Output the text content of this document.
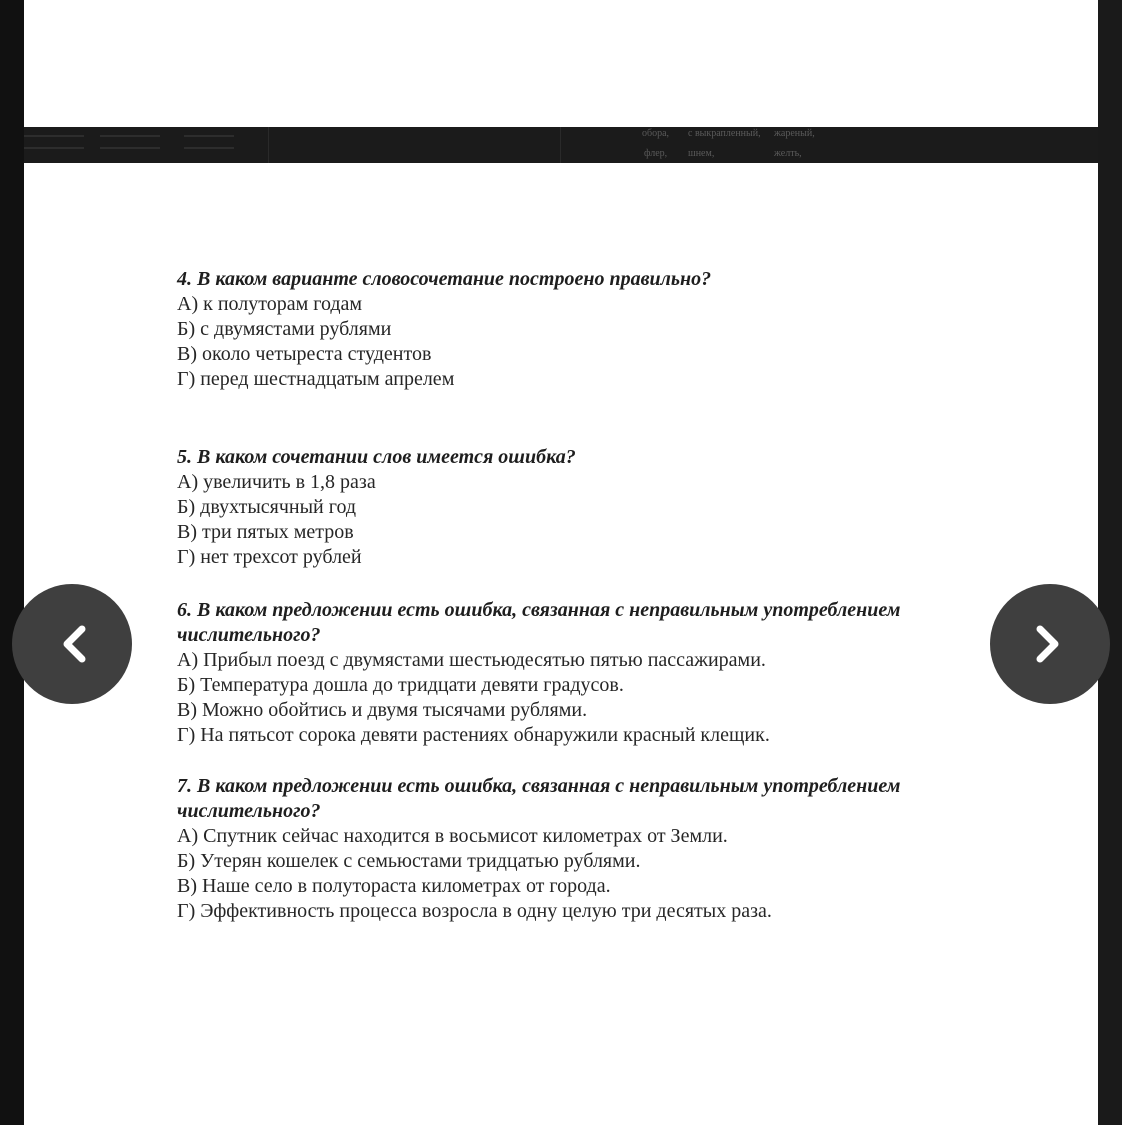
обора, с выкрапленный, жареный,
флер, шнем,	желть,

4. В каком варианте словосочетание построено правильно?

А) к полуторам годам

Б) с двумястами рублями

В) около четыреста студентов

Г) перед шестнадцатым апрелем

5. В каком сочетании слов имеется ошибка?

А) увеличить в 1,8 раза

Б) двухтысячный год

В) три пятых метров

Г) нет трехсот рублей

6. В каком предложении есть ошибка, связанная с неправильным употреблением

числительного?

А) Прибыл поезд с двумястами шестьюдесятью пятью пассажирами.

Б) Температура дошла до тридцати девяти градусов.

В) Можно обойтись и двумя тысячами рублями.

Г) На пятьсот сорока девяти растениях обнаружили красный клещик.

7. В каком предложении есть ошибка, связанная с неправильным употреблением

числительного?

А) Спутник сейчас находится в восьмисот километрах от Земли.

Б) Утерян кошелек с семьюстами тридцатью рублями.

В) Наше село в полутораста километрах от города.

Г) Эффективность процесса возросла в одну целую три десятых раза.
